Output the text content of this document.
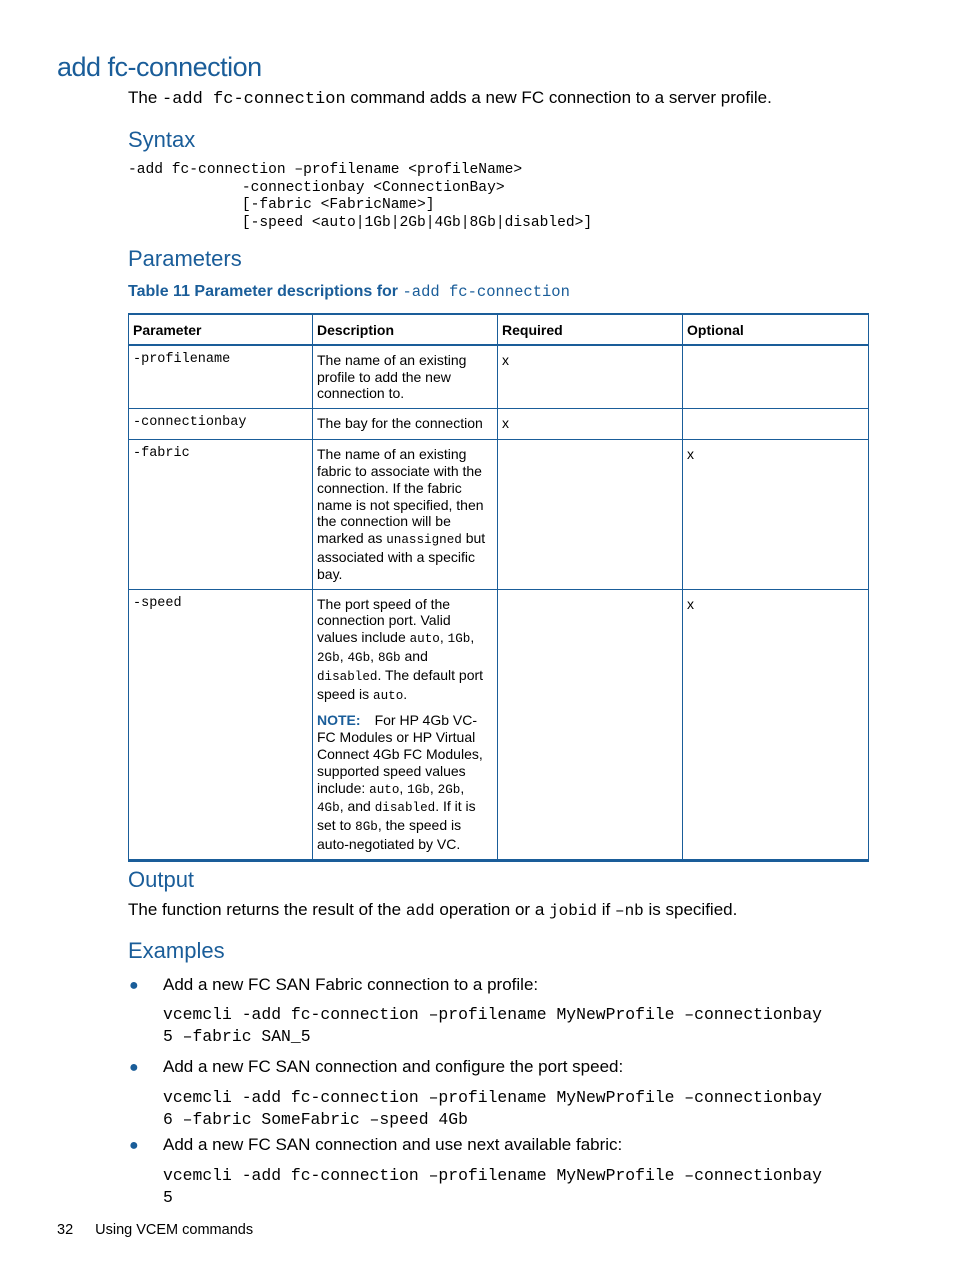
add fc-connection

The -add fc-connection command adds a new FC connection to a server profile.

Syntax
-add fc-connection –profilename <profileName>
-connectionbay <ConnectionBay>
[-fabric <FabricName>]
[-speed <auto|1Gb|2Gb|4Gb|8Gb|disabled>]
Parameters

Table 11 Parameter descriptions for -add fc-connection

Parameter	Description	Required	Optional
-profilename	The name of an existing profile to add the new connection to.	x	
-connectionbay	The bay for the connection	x	
-fabric	The name of an existing fabric to associate with the connection. If the fabric name is not specified, then the connection will be marked as unassigned but associated with a specific bay.		x
-speed	The port speed of the connection port. Valid values include auto, 1Gb, 2Gb, 4Gb, 8Gb and disabled. The default port speed is auto.
NOTE: For HP 4Gb VC-FC Modules or HP Virtual Connect 4Gb FC Modules, supported speed values include: auto, 1Gb, 2Gb, 4Gb, and disabled. If it is set to 8Gb, the speed is auto-negotiated by VC.		x
Output

The function returns the result of the add operation or a jobid if –nb is specified.

Examples
● Add a new FC SAN Fabric connection to a profile:

vcemcli -add fc-connection –profilename MyNewProfile –connectionbay
5 –fabric SAN_5
● Add a new FC SAN connection and configure the port speed:

vcemcli -add fc-connection –profilename MyNewProfile –connectionbay
6 –fabric SomeFabric –speed 4Gb
● Add a new FC SAN connection and use next available fabric:

vcemcli -add fc-connection –profilename MyNewProfile –connectionbay
5
32 Using VCEM commands
